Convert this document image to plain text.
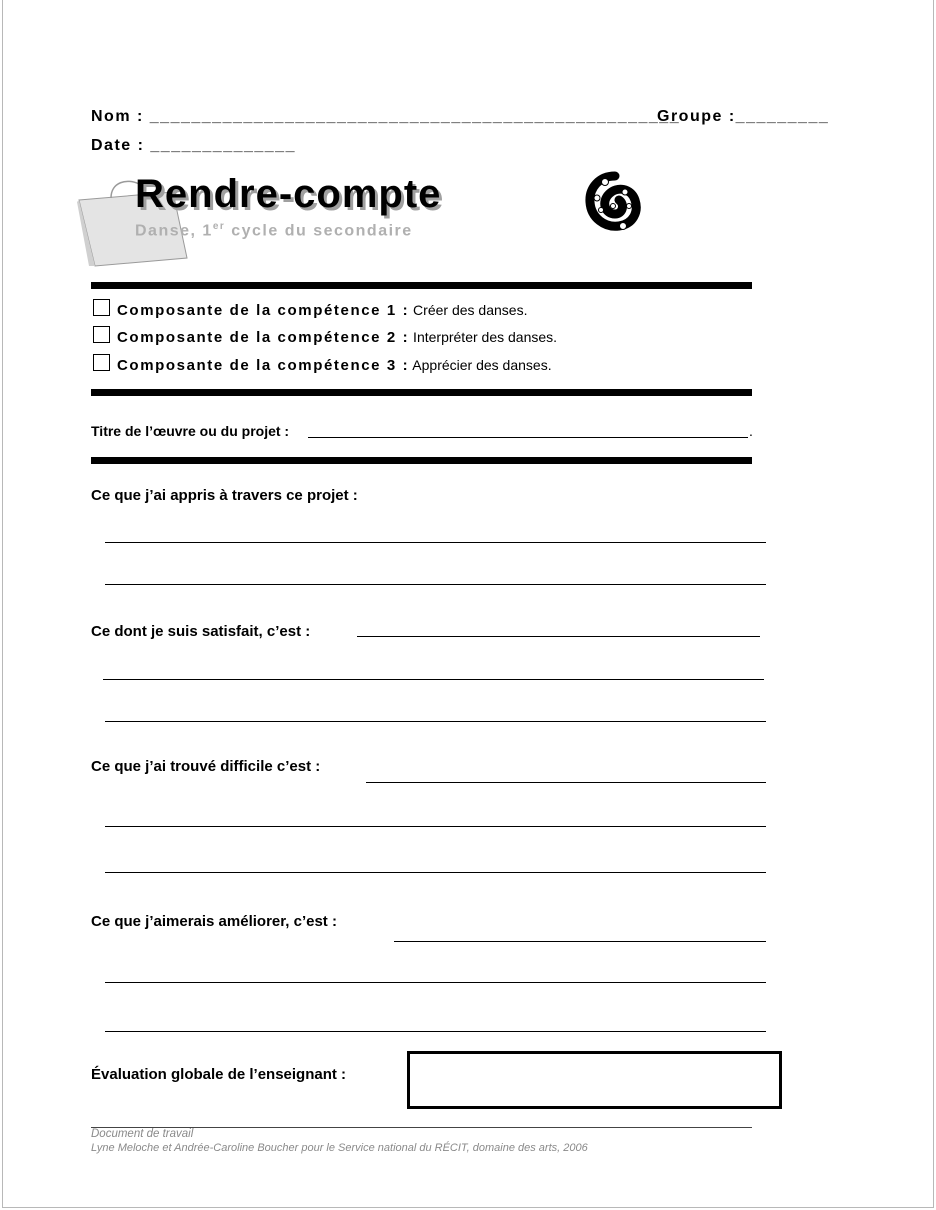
Nom : ___________________________________________________
Groupe :_________
Date : ______________
Rendre-compte
Danse, 1er cycle du secondaire
Composante de la compétence 1 : Créer des danses.
Composante de la compétence 2 : Interpréter des danses.
Composante de la compétence 3 : Apprécier des danses.
Titre de l’œuvre ou du projet :	.
Ce que j’ai appris à travers ce projet :
Ce dont je suis satisfait, c’est :
Ce que j’ai trouvé difficile c’est :
Ce que j’aimerais améliorer, c’est :
Évaluation globale de l’enseignant :
Document de travail
Lyne Meloche et Andrée-Caroline Boucher pour le Service national du RÉCIT, domaine des arts, 2006
